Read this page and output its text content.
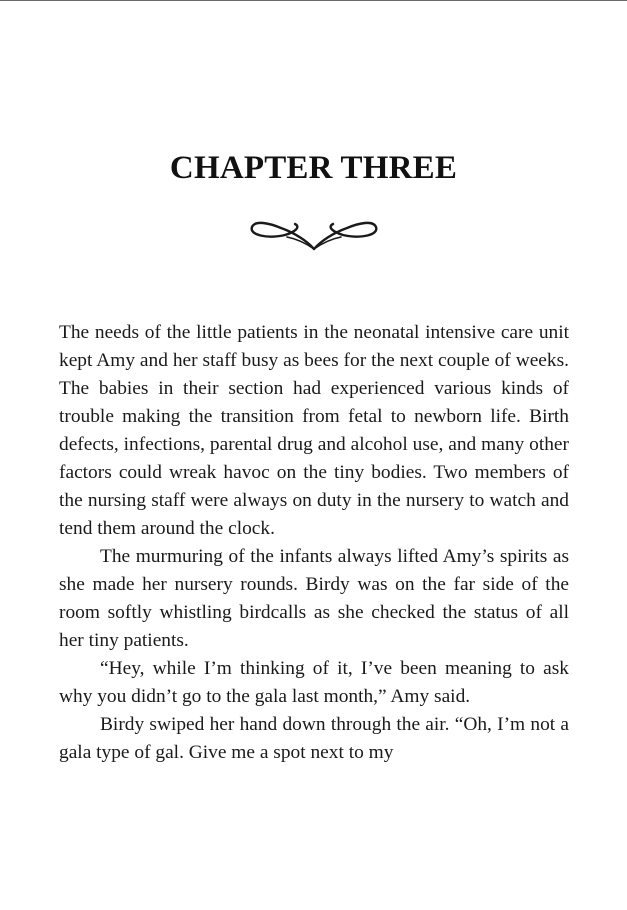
CHAPTER THREE

The needs of the little patients in the neonatal intensive care unit kept Amy and her staff busy as bees for the next couple of weeks. The babies in their section had experienced various kinds of trouble making the transition from fetal to newborn life. Birth defects, infections, parental drug and alcohol use, and many other factors could wreak havoc on the tiny bodies. Two members of the nursing staff were always on duty in the nursery to watch and tend them around the clock.

The murmuring of the infants always lifted Amy’s spirits as she made her nursery rounds. Birdy was on the far side of the room softly whistling birdcalls as she checked the status of all her tiny patients.

“Hey, while I’m thinking of it, I’ve been meaning to ask why you didn’t go to the gala last month,” Amy said.

Birdy swiped her hand down through the air. “Oh, I’m not a gala type of gal. Give me a spot next to my
